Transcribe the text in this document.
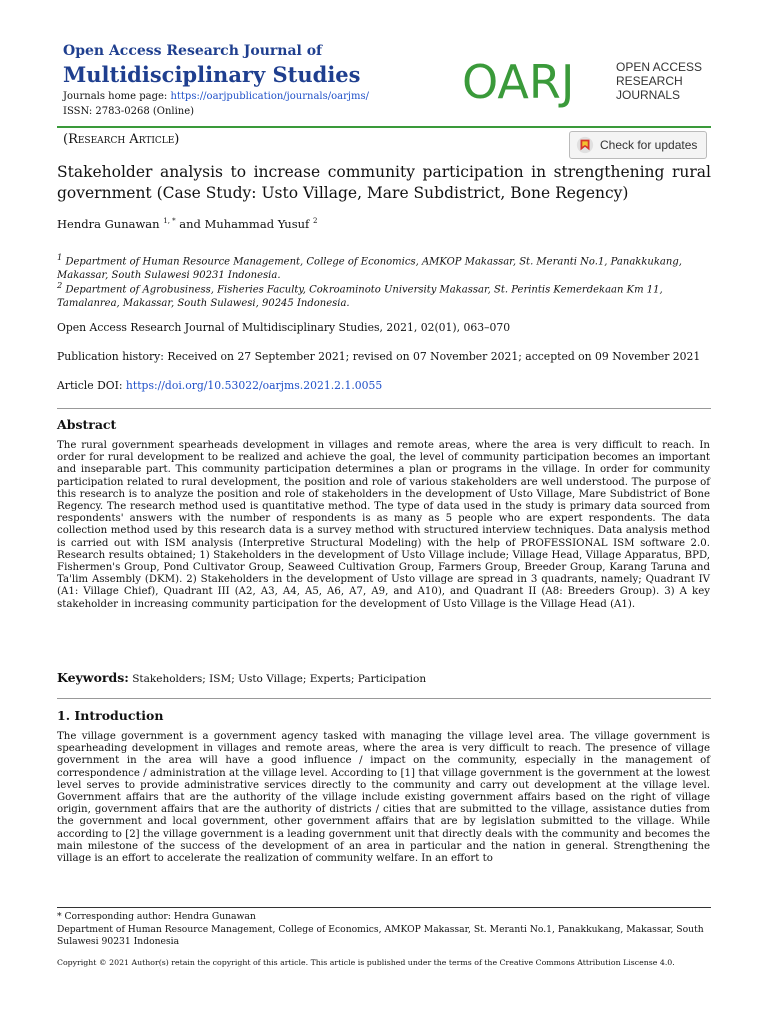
Open Access Research Journal of
Multidisciplinary Studies
Journals home page: https://oarjpublication/journals/oarjms/
ISSN: 2783-0268 (Online)
OARJ	OPEN ACCESS
RESEARCH
JOURNALS
(Research Article)	Check for updates
Stakeholder analysis to increase community participation in strengthening rural government (Case Study: Usto Village, Mare Subdistrict, Bone Regency)
Hendra Gunawan $^{1, *}$ and Muhammad Yusuf $^2$
$^1$ Department of Human Resource Management, College of Economics, AMKOP Makassar, St. Meranti No.1, Panakkukang, Makassar, South Sulawesi 90231 Indonesia.
$^2$ Department of Agrobusiness, Fisheries Faculty, Cokroaminoto University Makassar, St. Perintis Kemerdekaan Km 11, Tamalanrea, Makassar, South Sulawesi, 90245 Indonesia.
Open Access Research Journal of Multidisciplinary Studies, 2021, 02(01), 063–070
Publication history: Received on 27 September 2021; revised on 07 November 2021; accepted on 09 November 2021
Article DOI: https://doi.org/10.53022/oarjms.2021.2.1.0055
Abstract
The rural government spearheads development in villages and remote areas, where the area is very difficult to reach. In order for rural development to be realized and achieve the goal, the level of community participation becomes an important and inseparable part. This community participation determines a plan or programs in the village. In order for community participation related to rural development, the position and role of various stakeholders are well understood. The purpose of this research is to analyze the position and role of stakeholders in the development of Usto Village, Mare Subdistrict of Bone Regency. The research method used is quantitative method. The type of data used in the study is primary data sourced from respondents' answers with the number of respondents is as many as 5 people who are expert respondents. The data collection method used by this research data is a survey method with structured interview techniques. Data analysis method is carried out with ISM analysis (Interpretive Structural Modeling) with the help of PROFESSIONAL ISM software 2.0. Research results obtained; 1) Stakeholders in the development of Usto Village include; Village Head, Village Apparatus, BPD, Fishermen's Group, Pond Cultivator Group, Seaweed Cultivation Group, Farmers Group, Breeder Group, Karang Taruna and Ta'lim Assembly (DKM). 2) Stakeholders in the development of Usto village are spread in 3 quadrants, namely; Quadrant IV (A1: Village Chief), Quadrant III (A2, A3, A4, A5, A6, A7, A9, and A10), and Quadrant II (A8: Breeders Group). 3) A key stakeholder in increasing community participation for the development of Usto Village is the Village Head (A1).
Keywords: Stakeholders; ISM; Usto Village; Experts; Participation
1. Introduction
The village government is a government agency tasked with managing the village level area. The village government is spearheading development in villages and remote areas, where the area is very difficult to reach. The presence of village government in the area will have a good influence / impact on the community, especially in the management of correspondence / administration at the village level. According to [1] that village government is the government at the lowest level serves to provide administrative services directly to the community and carry out development at the village level. Government affairs that are the authority of the village include existing government affairs based on the right of village origin, government affairs that are the authority of districts / cities that are submitted to the village, assistance duties from the government and local government, other government affairs that are by legislation submitted to the village. While according to [2] the village government is a leading government unit that directly deals with the community and becomes the main milestone of the success of the development of an area in particular and the nation in general. Strengthening the village is an effort to accelerate the realization of community welfare. In an effort to
* Corresponding author: Hendra Gunawan
Department of Human Resource Management, College of Economics, AMKOP Makassar, St. Meranti No.1, Panakkukang, Makassar, South Sulawesi 90231 Indonesia
Copyright © 2021 Author(s) retain the copyright of this article. This article is published under the terms of the Creative Commons Attribution Liscense 4.0.
